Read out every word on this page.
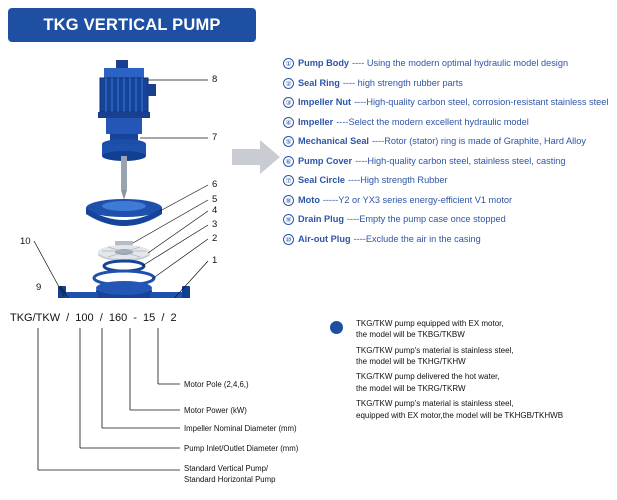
TKG VERTICAL PUMP
8
7
6
5
4
3
2
1
9
10
① Pump Body ---- Using the modern optimal hydraulic model design
② Seal Ring ---- high strength rubber parts
③ Impeller Nut ----High-quality carbon steel, corrosion-resistant stainless steel
④ Impeller ----Select the modern excellent hydraulic model
⑤ Mechanical Seal ----Rotor (stator) ring is made of Graphite, Hard Alloy
⑥ Pump Cover ----High-quality carbon steel, stainless steel, casting
⑦ Seal Circle ----High strength Rubber
⑧ Moto -----Y2 or YX3 series energy-efficient V1 motor
⑨ Drain Plug ----Empty the pump case once stopped
⑩ Air-out Plug ----Exclude the air in the casing
TKG/TKW / 100 / 160 - 15 / 2
Motor Pole (2,4,6,)
Motor Power (kW)
Impeller Nominal Diameter (mm)
Pump Inlet/Outlet Diameter (mm)
Standard Vertical Pump/
Standard Horizontal Pump
TKG/TKW pump equipped with EX motor,
the model will be TKBG/TKBW
TKG/TKW pump's material is stainless steel,
the model will be TKHG/TKHW
TKG/TKW pump delivered the hot water,
the model will be TKRG/TKRW
TKG/TKW pump's material is stainless steel,
equipped with EX motor,the model will be TKHGB/TKHWB
